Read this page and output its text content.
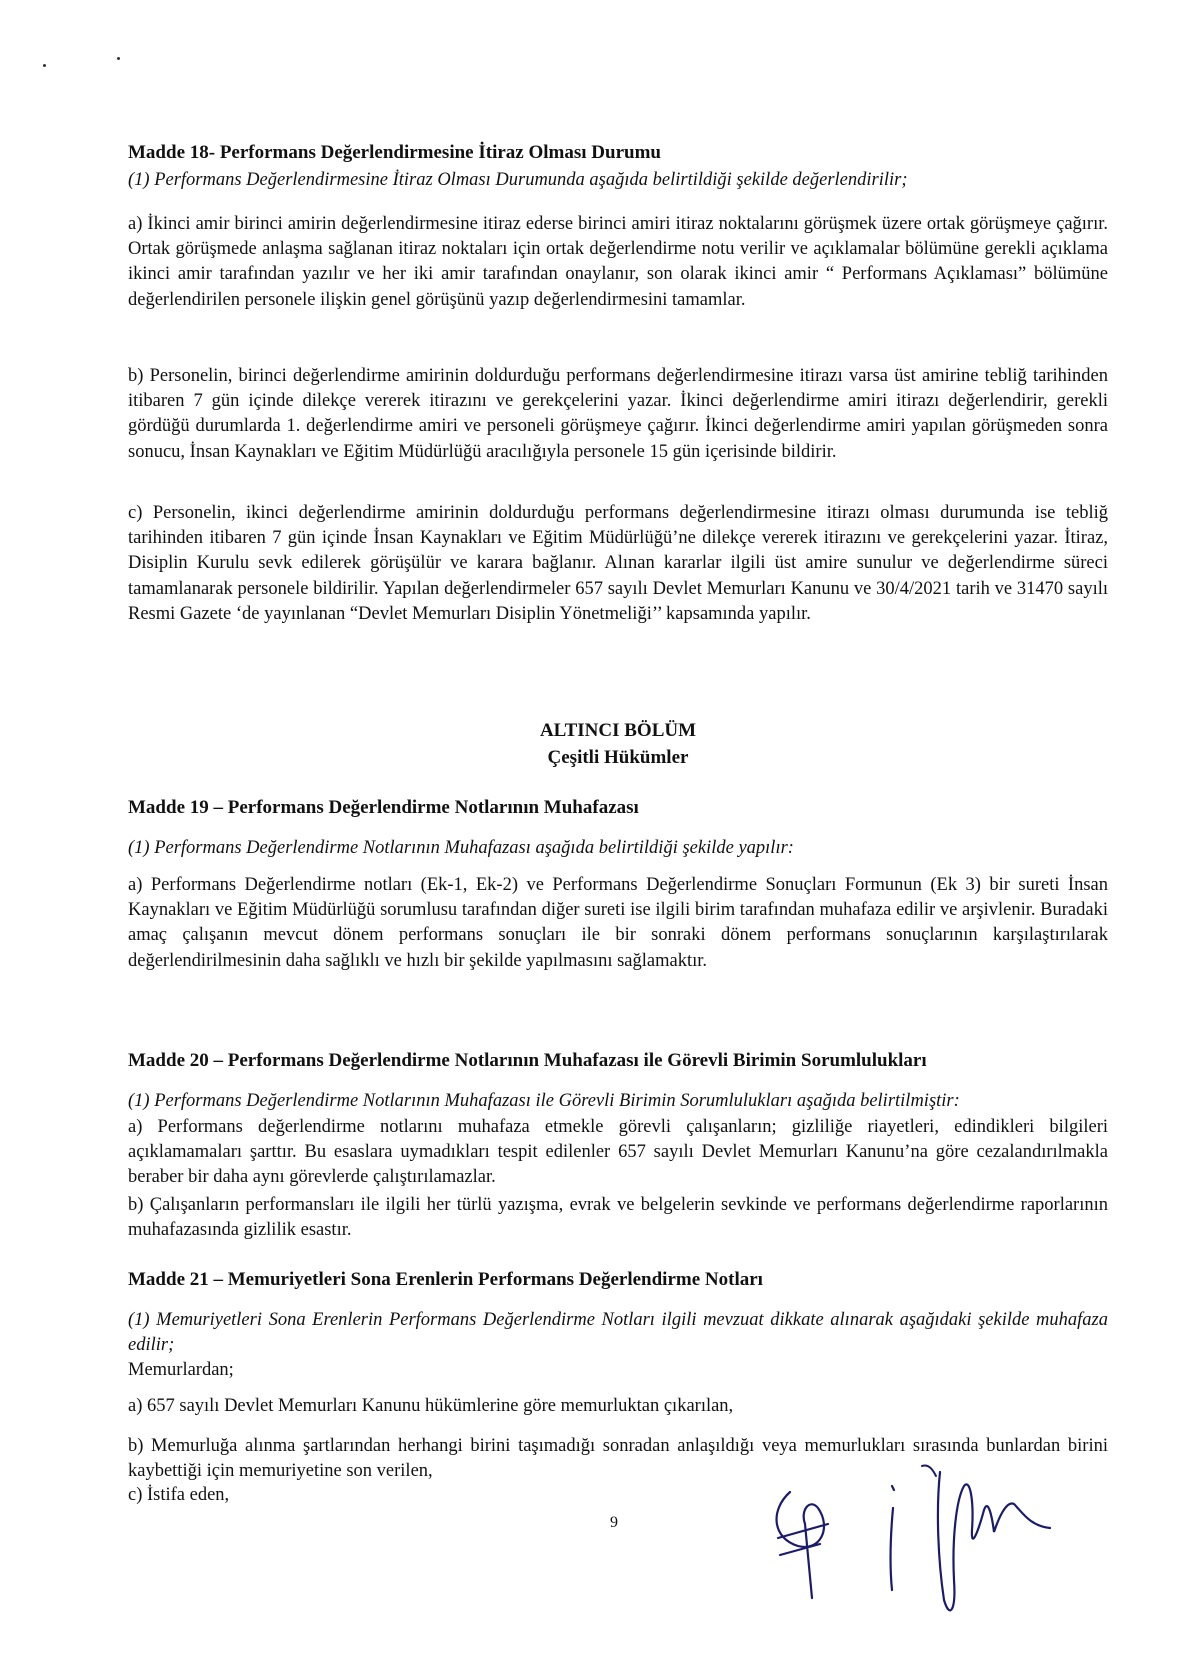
Madde 18- Performans Değerlendirmesine İtiraz Olması Durumu
(1) Performans Değerlendirmesine İtiraz Olması Durumunda aşağıda belirtildiği şekilde değerlendirilir;

a) İkinci amir birinci amirin değerlendirmesine itiraz ederse birinci amiri itiraz noktalarını görüşmek üzere ortak görüşmeye çağırır. Ortak görüşmede anlaşma sağlanan itiraz noktaları için ortak değerlendirme notu verilir ve açıklamalar bölümüne gerekli açıklama ikinci amir tarafından yazılır ve her iki amir tarafından onaylanır, son olarak ikinci amir “ Performans Açıklaması” bölümüne değerlendirilen personele ilişkin genel görüşünü yazıp değerlendirmesini tamamlar.

b) Personelin, birinci değerlendirme amirinin doldurduğu performans değerlendirmesine itirazı varsa üst amirine tebliğ tarihinden itibaren 7 gün içinde dilekçe vererek itirazını ve gerekçelerini yazar. İkinci değerlendirme amiri itirazı değerlendirir, gerekli gördüğü durumlarda 1. değerlendirme amiri ve personeli görüşmeye çağırır. İkinci değerlendirme amiri yapılan görüşmeden sonra sonucu, İnsan Kaynakları ve Eğitim Müdürlüğü aracılığıyla personele 15 gün içerisinde bildirir.

c) Personelin, ikinci değerlendirme amirinin doldurduğu performans değerlendirmesine itirazı olması durumunda ise tebliğ tarihinden itibaren 7 gün içinde İnsan Kaynakları ve Eğitim Müdürlüğü’ne dilekçe vererek itirazını ve gerekçelerini yazar. İtiraz, Disiplin Kurulu sevk edilerek görüşülür ve karara bağlanır. Alınan kararlar ilgili üst amire sunulur ve değerlendirme süreci tamamlanarak personele bildirilir. Yapılan değerlendirmeler 657 sayılı Devlet Memurları Kanunu ve 30/4/2021 tarih ve 31470 sayılı Resmi Gazete ‘de yayınlanan “Devlet Memurları Disiplin Yönetmeliği’’ kapsamında yapılır.

ALTINCI BÖLÜM
Çeşitli Hükümler
Madde 19 – Performans Değerlendirme Notlarının Muhafazası
(1) Performans Değerlendirme Notlarının Muhafazası aşağıda belirtildiği şekilde yapılır:

a) Performans Değerlendirme notları (Ek-1, Ek-2) ve Performans Değerlendirme Sonuçları Formunun (Ek 3) bir sureti İnsan Kaynakları ve Eğitim Müdürlüğü sorumlusu tarafından diğer sureti ise ilgili birim tarafından muhafaza edilir ve arşivlenir. Buradaki amaç çalışanın mevcut dönem performans sonuçları ile bir sonraki dönem performans sonuçlarının karşılaştırılarak değerlendirilmesinin daha sağlıklı ve hızlı bir şekilde yapılmasını sağlamaktır.

Madde 20 – Performans Değerlendirme Notlarının Muhafazası ile Görevli Birimin Sorumlulukları
(1) Performans Değerlendirme Notlarının Muhafazası ile Görevli Birimin Sorumlulukları aşağıda belirtilmiştir:

a) Performans değerlendirme notlarını muhafaza etmekle görevli çalışanların; gizliliğe riayetleri, edindikleri bilgileri açıklamamaları şarttır. Bu esaslara uymadıkları tespit edilenler 657 sayılı Devlet Memurları Kanunu’na göre cezalandırılmakla beraber bir daha aynı görevlerde çalıştırılamazlar.

b) Çalışanların performansları ile ilgili her türlü yazışma, evrak ve belgelerin sevkinde ve performans değerlendirme raporlarının muhafazasında gizlilik esastır.

Madde 21 – Memuriyetleri Sona Erenlerin Performans Değerlendirme Notları

(1) Memuriyetleri Sona Erenlerin Performans Değerlendirme Notları ilgili mevzuat dikkate alınarak aşağıdaki şekilde muhafaza edilir;

Memurlardan;
a) 657 sayılı Devlet Memurları Kanunu hükümlerine göre memurluktan çıkarılan,

b) Memurluğa alınma şartlarından herhangi birini taşımadığı sonradan anlaşıldığı veya memurlukları sırasında bunlardan birini kaybettiği için memuriyetine son verilen,

c) İstifa eden,
9
